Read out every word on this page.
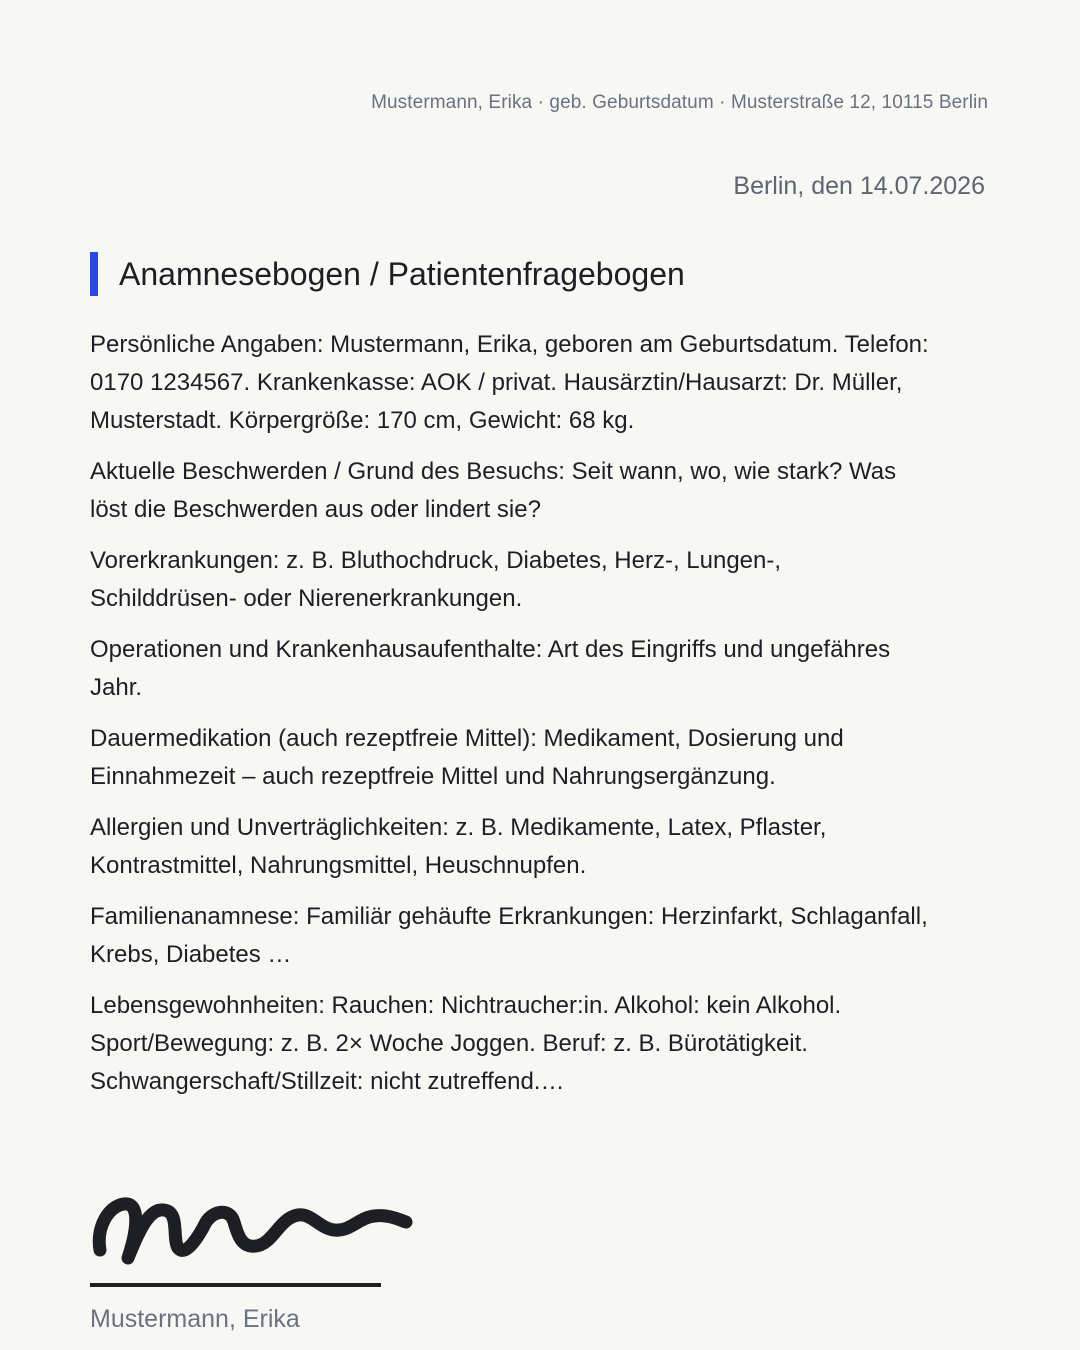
Mustermann, Erika · geb. Geburtsdatum · Musterstraße 12, 10115 Berlin
Berlin, den 14.07.2026
Anamnesebogen / Patientenfragebogen

Persönliche Angaben: Mustermann, Erika, geboren am Geburtsdatum. Telefon: 0170 1234567. Krankenkasse: AOK / privat. Hausärztin/Hausarzt: Dr. Müller, Musterstadt. Körpergröße: 170 cm, Gewicht: 68 kg.

Aktuelle Beschwerden / Grund des Besuchs: Seit wann, wo, wie stark? Was löst die Beschwerden aus oder lindert sie?

Vorerkrankungen: z. B. Bluthochdruck, Diabetes, Herz-, Lungen-, Schilddrüsen- oder Nierenerkrankungen.

Operationen und Krankenhausaufenthalte: Art des Eingriffs und ungefähres Jahr.

Dauermedikation (auch rezeptfreie Mittel): Medikament, Dosierung und Einnahmezeit – auch rezeptfreie Mittel und Nahrungsergänzung.

Allergien und Unverträglichkeiten: z. B. Medikamente, Latex, Pflaster, Kontrastmittel, Nahrungsmittel, Heuschnupfen.

Familienanamnese: Familiär gehäufte Erkrankungen: Herzinfarkt, Schlaganfall, Krebs, Diabetes …

Lebensgewohnheiten: Rauchen: Nichtraucher:in. Alkohol: kein Alkohol. Sport/Bewegung: z. B. 2× Woche Joggen. Beruf: z. B. Bürotätigkeit. Schwangerschaft/Stillzeit: nicht zutreffend.…

Mustermann, Erika
